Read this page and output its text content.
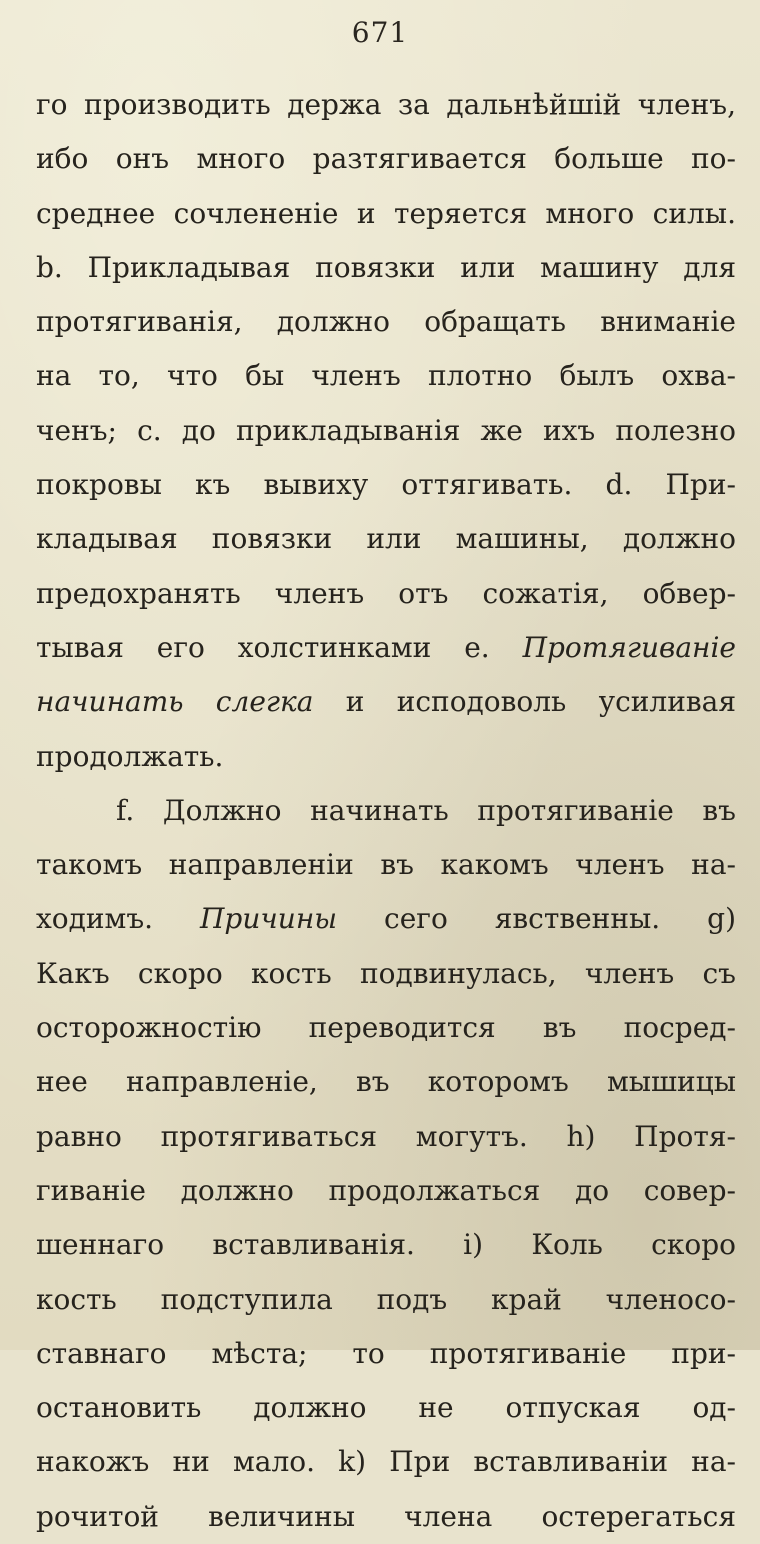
671
го производить держа за дальнѣйшій членъ,
ибо онъ много разтягивается больше по-
среднее сочлененіе и теряется много силы.
b. Прикладывая повязки или машину для
протягиванія, должно обращать вниманіе
на то, что бы членъ плотно былъ охва-
ченъ; c. до прикладыванія же ихъ полезно
покровы къ вывиху оттягивать. d. При-
кладывая повязки или машины, должно
предохранять членъ отъ сожатія, обвер-
тывая его холстинками e. Протягиваніе
начинать слегка и исподоволь усиливая
продолжать.
f. Должно начинать протягиваніе въ
такомъ направленіи въ какомъ членъ на-
ходимъ. Причины сего явственны. g)
Какъ скоро кость подвинулась, членъ съ
осторожностію переводится въ посред-
нее направленіе, въ которомъ мышицы
равно протягиваться могутъ. h) Протя-
гиваніе должно продолжаться до совер-
шеннаго вставливанія. i) Коль скоро
кость подступила подъ край членосо-
ставнаго мѣста; то протягиваніе при-
остановить должно не отпуская од-
накожъ ни мало. k) При вставливаніи на-
рочитой величины члена остерегаться
